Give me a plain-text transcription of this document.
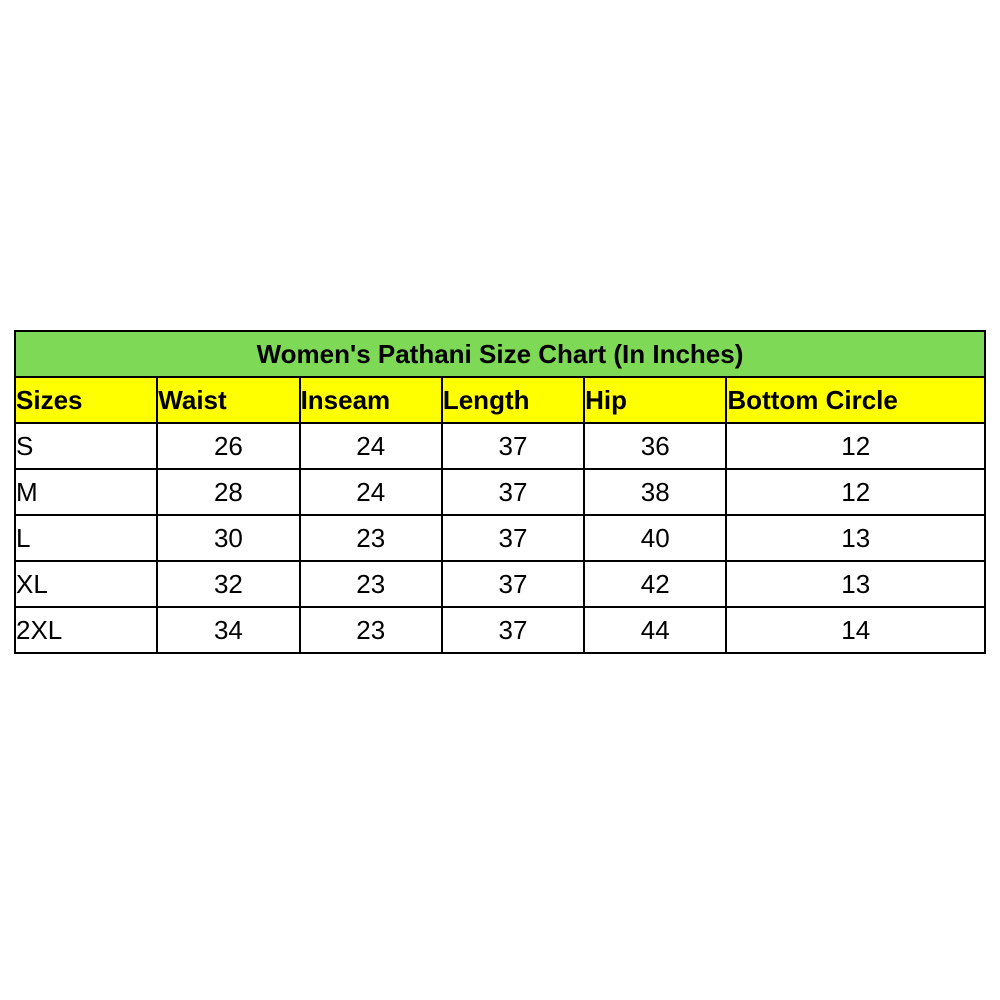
Women's Pathani Size Chart (In Inches)					
Sizes	Waist	Inseam	Length	Hip	Bottom Circle
S	26	24	37	36	12
M	28	24	37	38	12
L	30	23	37	40	13
XL	32	23	37	42	13
2XL	34	23	37	44	14
